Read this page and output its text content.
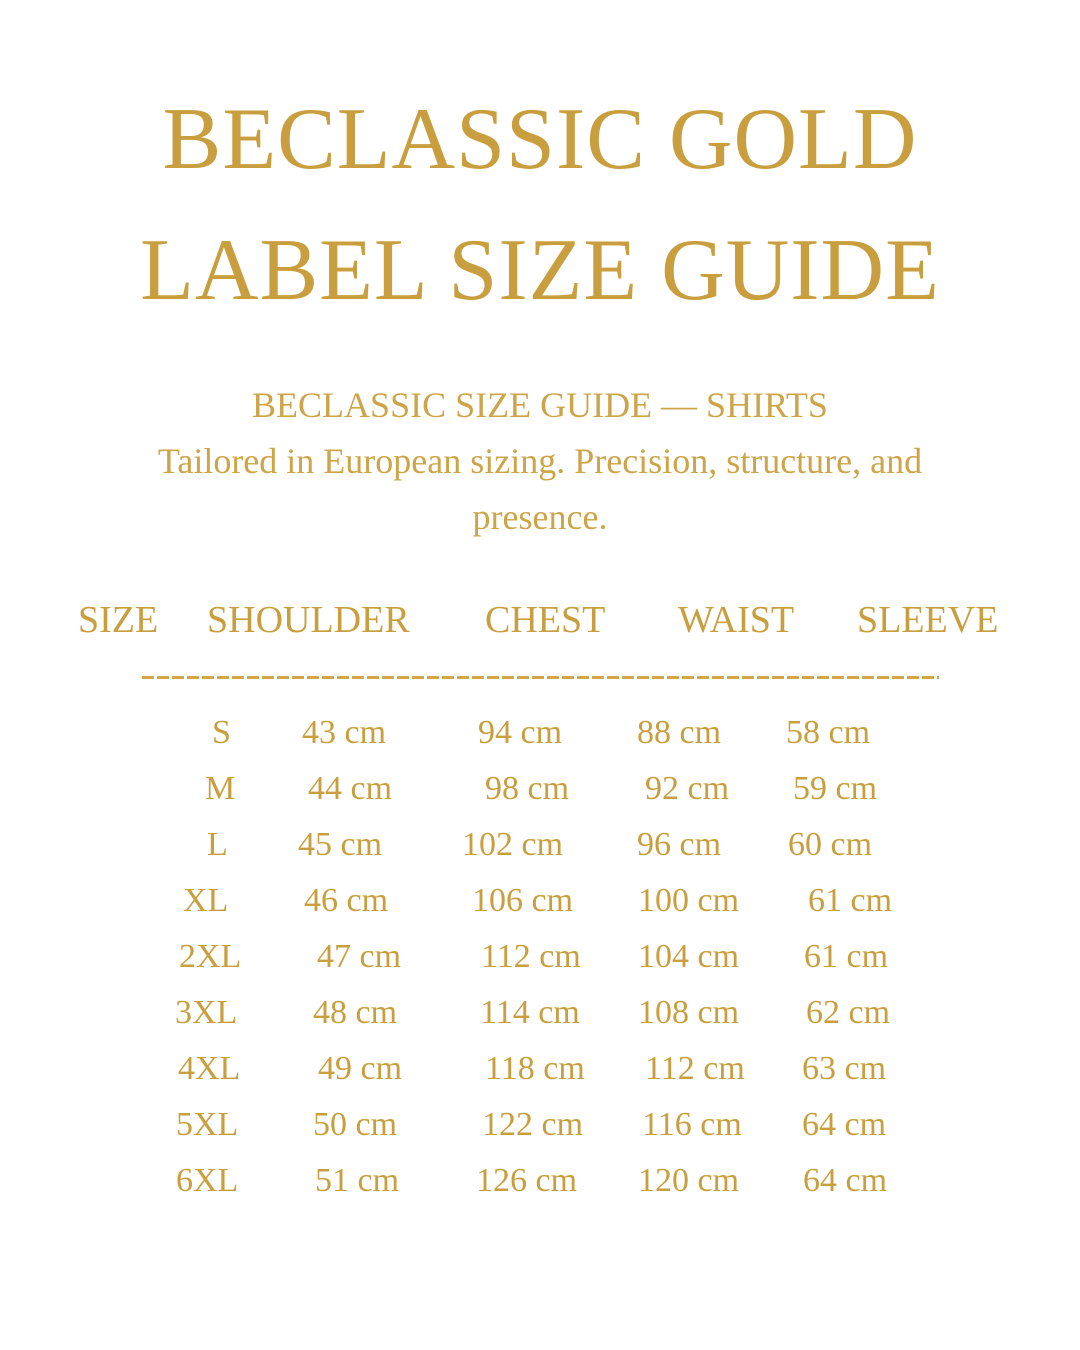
BECLASSIC GOLD
LABEL SIZE GUIDE
BECLASSIC SIZE GUIDE — SHIRTS
Tailored in European sizing. Precision, structure, and
presence.
SIZE SHOULDER CHEST WAIST SLEEVE
S 43 cm	94 cm 88 cm 58 cm
M 44 cm	98 cm 92 cm 59 cm
L 45 cm 102 cm 96 cm 60 cm
XL 46 cm 106 cm 100 cm 61 cm
2XL 47 cm 112 cm 104 cm 61 cm
3XL 48 cm 114 cm 108 cm 62 cm
4XL 49 cm 118 cm 112 cm 63 cm
5XL 50 cm 122 cm 116 cm 64 cm
6XL 51 cm 126 cm 120 cm 64 cm
